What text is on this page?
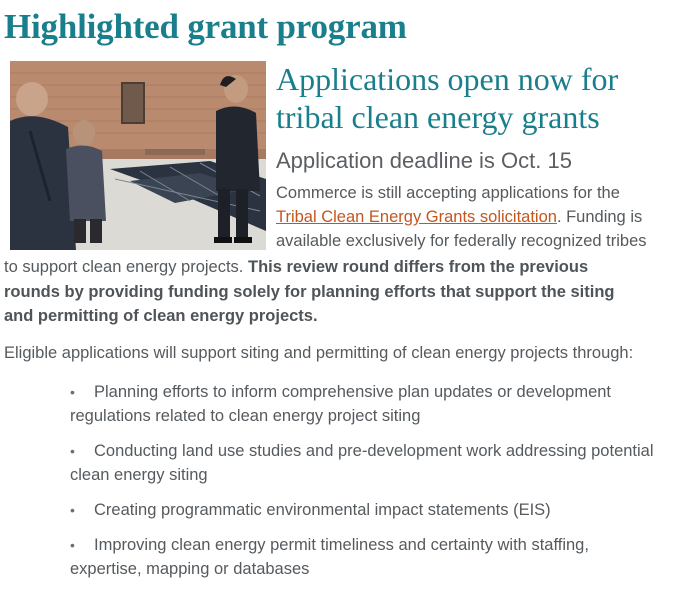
Highlighted grant program
Applications open now for tribal clean energy grants
Application deadline is Oct. 15
Commerce is still accepting applications for the
Tribal Clean Energy Grants solicitation. Funding is
available exclusively for federally recognized tribes
to support clean energy projects. This review round differs from the previous
rounds by providing funding solely for planning efforts that support the siting
and permitting of clean energy projects.
Eligible applications will support siting and permitting of clean energy projects through:
•	Planning efforts to inform comprehensive plan updates or development regulations related to clean energy project siting
•	Conducting land use studies and pre-development work addressing potential clean energy siting
•	Creating programmatic environmental impact statements (EIS)
•	Improving clean energy permit timeliness and certainty with staffing, expertise, mapping or databases
